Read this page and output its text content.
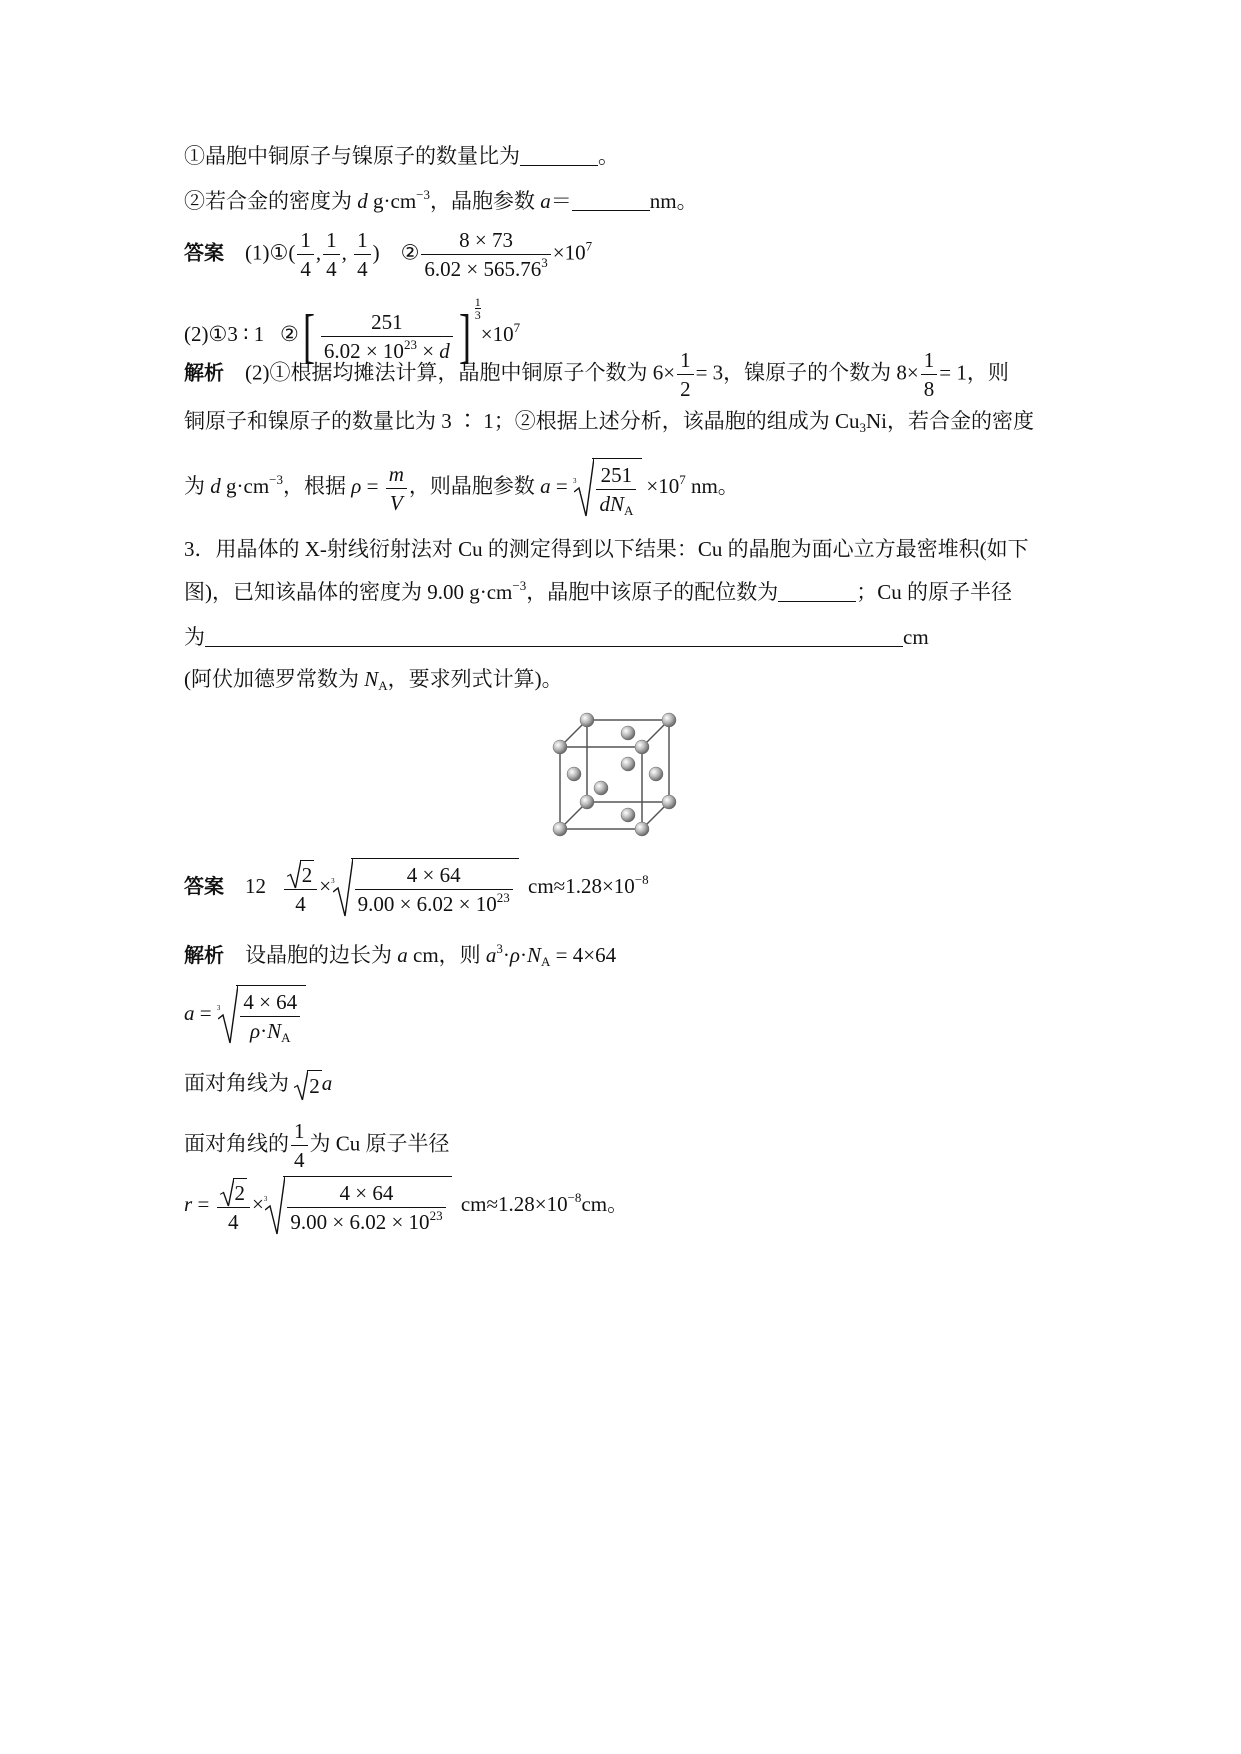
①晶胞中铜原子与镍原子的数量比为	。
②若合金的密度为 d $g\cdot cm^{-3}$，晶胞参数 a＝	nm。
答案 (1)①( $\frac{1}{4}$ , $\frac{1}{4}$ , $\frac{1}{4}$ ) ② $\frac{8 \times 73}{6.02 \times 565.76^3} \times 10^7$
(2)①3 ∶ 1 ②[ $\frac{251}{6.02 \times 10^{23} \times d}$ ] $\frac{1}{3}$
$\times 10^7$
解析 (2)①根据均摊法计算，晶胞中铜原子个数为 $6\times \frac{1}{2} = 3$，镍原子的个数为 $8\times \frac{1}{8} = 1$，则
铜原子和镍原子的数量比为 3 ∶ 1；②根据上述分析，该晶胞的组成为 $Cu_3Ni$，若合金的密度
为 d $g\cdot cm^{-3}$，根据 $\rho = \frac{m}{V}$ ，则晶胞参数 $a = ^3 \frac{251}{dN_A} \times 10^7$ nm。
3．用晶体的 X-射线衍射法对 Cu 的测定得到以下结果：Cu 的晶胞为面心立方最密堆积(如下
图)，已知该晶体的密度为 9.00 $g\cdot cm^{-3}$，晶胞中该原子的配位数为	；Cu 的原子半径
为	cm
(阿伏加德罗常数为 $N_A$，要求列式计算)。
答案 $12 \frac{2}{4} \times^3 \frac{4 \times 64}{9.00 \times 6.02 \times 10^{23}} cm\approx 1.28\times 10^{-8}$
解析 设晶胞的边长为 a cm，则 $a^3\cdot\rho\cdot N_A = 4\times 64$
$a = ^3 \frac{4 \times 64}{\rho\cdot N_A}$
面对角线为
2a
面对角线的 $\frac{1}{4}$ 为 Cu 原子半径
$r = \frac{2}{4} \times^3 \frac{4 \times 64}{9.00 \times 6.02 \times 10^{23}} cm\approx 1.28\times 10^{-8}cm$。
